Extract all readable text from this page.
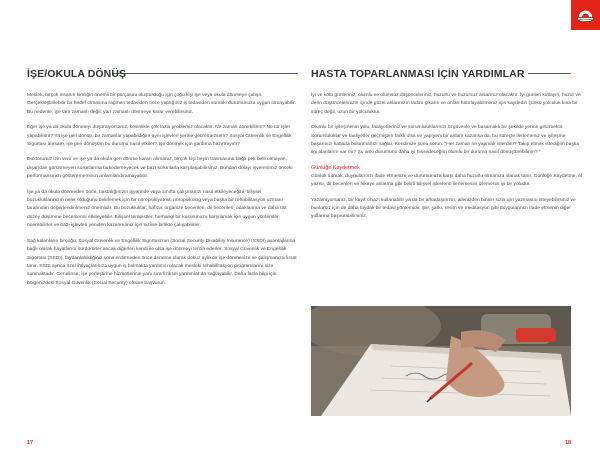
İŞE/OKULA DÖNÜŞ

Meslek, birçok insanın kimliğin önemli bir parçasını oluşturduğu için çoğu kişi işe veya okula dönmeye çalışır. Gerçekleştirilebilir bir hedef olmasına rağmen tedaviden önce yaptığınız iş tedaviden sonraki durumunuza uygun olmayabilir. Bu nedenle, işe tam zamanlı değil, yarı zamanlı dönmeye karar verebilirsiniz.

Eğer işe ya da okula dönmeyi düşünüyorsanız, kesinlikle çok fazla problemiz olacaktır. Ne zaman dönebilirim? Ne tür işler yapabilirim? Ya işe geri dönüp, bir zamanlar yapabildiğim aynı işlevleri yerine getiremezsem? Sosyal Güvenlik ve Engellilik Sigortası alırsam, işe geri dönüşüm bu durumu nasıl etkiler? İşe dönmek için yardıma hazırmıyım?

Doktorunuz izin verir ve işe ya da okula geri dönme kararı alırsanız, birçok kişi beyin travmasına bağlı pek belli olmayan, dışarıdan görünmeyen sorunlarına farkedemeyecek ve bazı sorunlarla karşılaşabilirsiniz. Bundan dolayı işverenimiz önceki performansınızı gösterememinizi anlamlandıramayabilir.

İşe ya da okula dönmeden önce, hastalığınızın işyerinde veya sınıfta çalışmanızı nasıl etkileyeceğini, bilişsel bozukluklarınızın neler olduğunu belirlemek için bir nöropsikiyatrist, nöropsikolog veya başka bir rehabilitasyon uzmanı tarafından değerlendirilmeniz önemlidir. Bu bozukluklar; hafıza, organize becerileri, dil becerileri, odaklanma ve daha üst düzey düşünme becerilerini etkileyebilir. Bilişsel terapistler, herhangi bir kusurunuzu karşılamak için uygun yöntemler önerebilirler ve bazı işlevleri yeniden kazanmanız için sizinle birlikte çalışabilirler.

Sağ kalanların birçoğu, Sosyal Güvenlik ve Engellilik Sigortası'nın (Social Security Disability Insurance) (SSDI) avantajlarına bağlı olarak hayatlarını sürdürürler ancak diğerleri kendi ile olsa işe dönmeyi tercih ederler. Sosyal Güvenlik ve Engellilik Sigortası (SSDI), faydanlabildiğiniz sona erdirmeden önce deneme olarak dokuz aylıkdır işe dönmenize ve çalışmanıza fırsat tanır. SSDI ayrıca özel ihtiyaçlarınıza uygun iş bulmakta yardımcı olacak mesleki rehabilitasyon programlarını size sunmaktadır. Genelinse, işe yerleştirme hizmetlerinin yanı sıra fiziksel yardımlar da sağlayabilir. Daha fazla bilgi için bölgenizdeki Sosyal Güvenlik (Social Security) ofisine başvurun.

HASTA TOPARLANMASI İÇİN YARDIMLAR

İyi ve kötü günleriniz, olumlu ve olumsuz düşünceleriniz, huzurlu ve huzursuz anlarınız olacaktır. İyi günleri kutlayın, huzur ve derin düşüncelerinizin içinde güzel anlarınızın tadını çıkarın ve onları hatırlayabilmeniz için kaydedin çünkü yolculuk kısa bir süreç değil, uzun bir yolculuktur.

Olumlu bir iyileşmenin yolu, faaliyetleriniz ve sorumluluklarınızı özgüvenle ve basamaklı bir şekilde yerine getirmektir. Sorumluluklar ve faaliyetler geçmişten farklı olsa ve yapıyeni bir anlam kazansa da, bu süreçte ilerlemeniz ve iyileşme başarınızı katlada bulunmanızı sağlar. Kendinize şunu sorun: "Her zaman ne yapmak isterdim? Takip etmek istediğim başka ilgi alanlarım var mı? Şu anki durumunu daha iyi hissedeceğim olumlu bir duruma nasıl dönüştürebilirim? "

Günlüğe Kaydetmek

Günlük tutmak, duygularınızı ifade etmenize ve durumunuza karşı daha huzurlu olmanıza olanak tanır. Günlüğe Kaydetme, el yazısı, dil becerileri ve hikaye anlatma gibi belirli bilişsel işlevlerin ilerlemesini izlemenin iyi bir yoludur.

Yazamıyorsanız, bir kayıt cihazı kullanabilir ya da bir arkadaşınızın, ailenizden birinin sizin için yazmasını isteyebilirsiniz ve bunlarsız için de daha faydalı bir tedavi yöntemidir. Şiir, şarkı, resim ve meditasyon gibi duygularınızı ifade etmenin diğer yollarına başvurabilirsiniz.

17	18
